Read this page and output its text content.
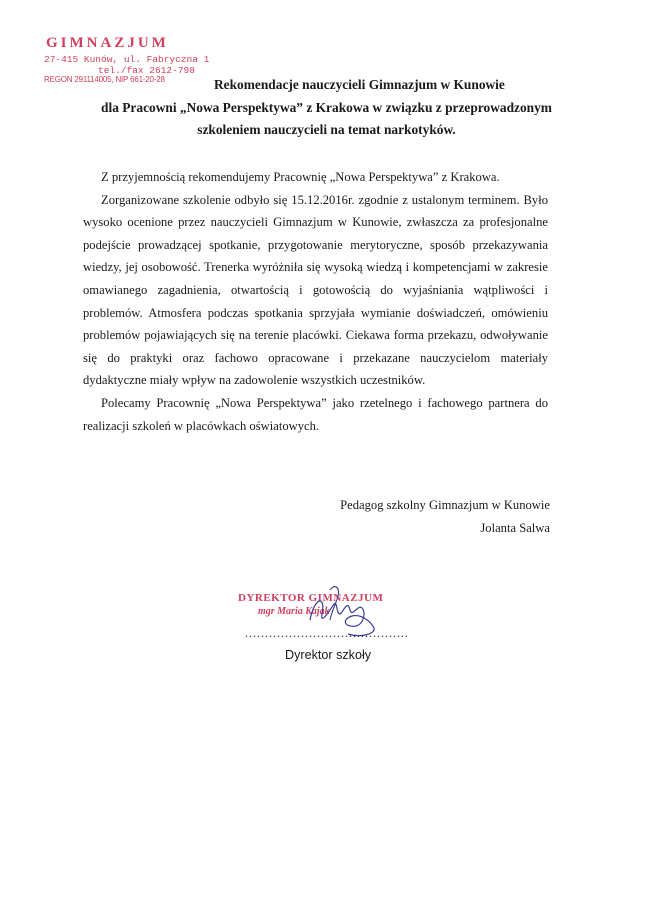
GIMNAZJUM
27-415 Kunów, ul. Fabryczna 1
tel./fax 2612-798
REGON 291114005, NIP 661-20-28	Rekomendacje nauczycieli Gimnazjum w Kunowie
dla Pracowni „Nowa Perspektywa” z Krakowa w związku z przeprowadzonym
szkoleniem nauczycieli na temat narkotyków.

Z przyjemnością rekomendujemy Pracownię „Nowa Perspektywa” z Krakowa.

Zorganizowane szkolenie odbyło się 15.12.2016r. zgodnie z ustalonym terminem. Było wysoko ocenione przez nauczycieli Gimnazjum w Kunowie, zwłaszcza za profesjonalne podejście prowadzącej spotkanie, przygotowanie merytoryczne, sposób przekazywania wiedzy, jej osobowość. Trenerka wyróżniła się wysoką wiedzą i kompetencjami w zakresie omawianego zagadnienia, otwartością i gotowością do wyjaśniania wątpliwości i problemów. Atmosfera podczas spotkania sprzyjała wymianie doświadczeń, omówieniu problemów pojawiających się na terenie placówki. Ciekawa forma przekazu, odwoływanie się do praktyki oraz fachowo opracowane i przekazane nauczycielom materiały dydaktyczne miały wpływ na zadowolenie wszystkich uczestników.

Polecamy Pracownię „Nowa Perspektywa” jako rzetelnego i fachowego partnera do realizacji szkoleń w placówkach oświatowych.

Pedagog szkolny Gimnazjum w Kunowie
Jolanta Salwa
DYREKTOR GIMNAZJUM
mgr Maria Kajak
.....
Dyrektor szkoły
